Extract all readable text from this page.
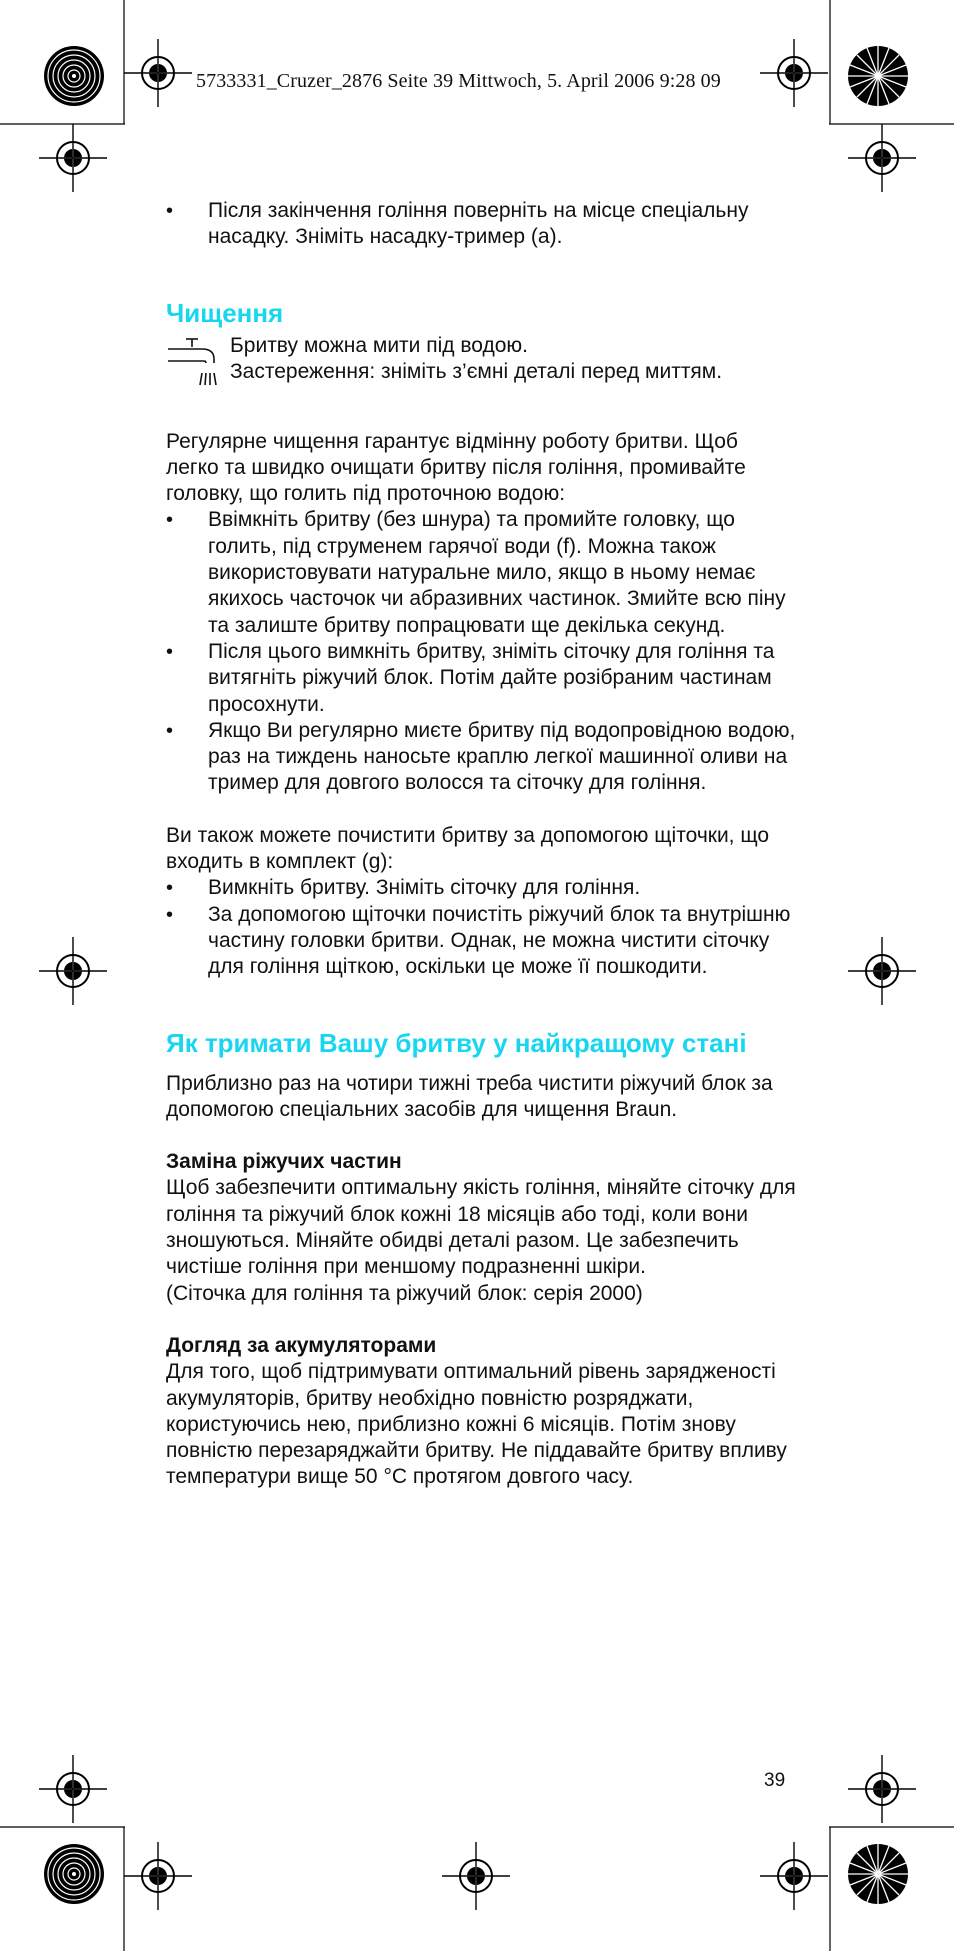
5733331_Cruzer_2876 Seite 39 Mittwoch, 5. April 2006 9:28 09
• Після закінчення гоління поверніть на місце спеціальну насадку. Зніміть насадку-тример (а).
Чищення

Бритву можна мити під водою.

Застереження: зніміть з’ємні деталі перед миттям.

Регулярне чищення гарантує відмінну роботу бритви. Щоб легко та швидко очищати бритву після гоління, промивайте головку, що голить під проточною водою:

• Ввімкніть бритву (без шнура) та промийте головку, що голить, під струменем гарячої води (f). Можна також використовувати натуральне мило, якщо в ньому немає якихось часточок чи абразивних частинок. Змийте всю піну та залиште бритву попрацювати ще декілька секунд.
• Після цього вимкніть бритву, зніміть сіточку для гоління та витягніть ріжучий блок. Потім дайте розібраним частинам просохнути.
• Якщо Ви регулярно миєте бритву під водопровідною водою, раз на тиждень наносьте краплю легкої машинної оливи на тример для довгого волосся та сіточку для гоління.

Ви також можете почистити бритву за допомогою щіточки, що входить в комплект (g):

• Вимкніть бритву. Зніміть сіточку для гоління.
• За допомогою щіточки почистіть ріжучий блок та внутрішню частину головки бритви. Однак, не можна чистити сіточку для гоління щіткою, оскільки це може її пошкодити.
Як тримати Вашу бритву у найкращому стані

Приблизно раз на чотири тижні треба чистити ріжучий блок за допомогою спеціальних засобів для чищення Braun.

Заміна ріжучих частин

Щоб забезпечити оптимальну якість гоління, міняйте сіточку для гоління та ріжучий блок кожні 18 місяців або тоді, коли вони зношуються. Міняйте обидві деталі разом. Це забезпечить чистіше гоління при меншому подразненні шкіри.

(Сіточка для гоління та ріжучий блок: серія 2000)

Догляд за акумуляторами

Для того, щоб підтримувати оптимальний рівень зарядженості акумуляторів, бритву необхідно повністю розряджати, користуючись нею, приблизно кожні 6 місяців. Потім знову повністю перезаряджайти бритву. Не піддавайте бритву впливу температури вище 50 °C протягом довгого часу.

39
